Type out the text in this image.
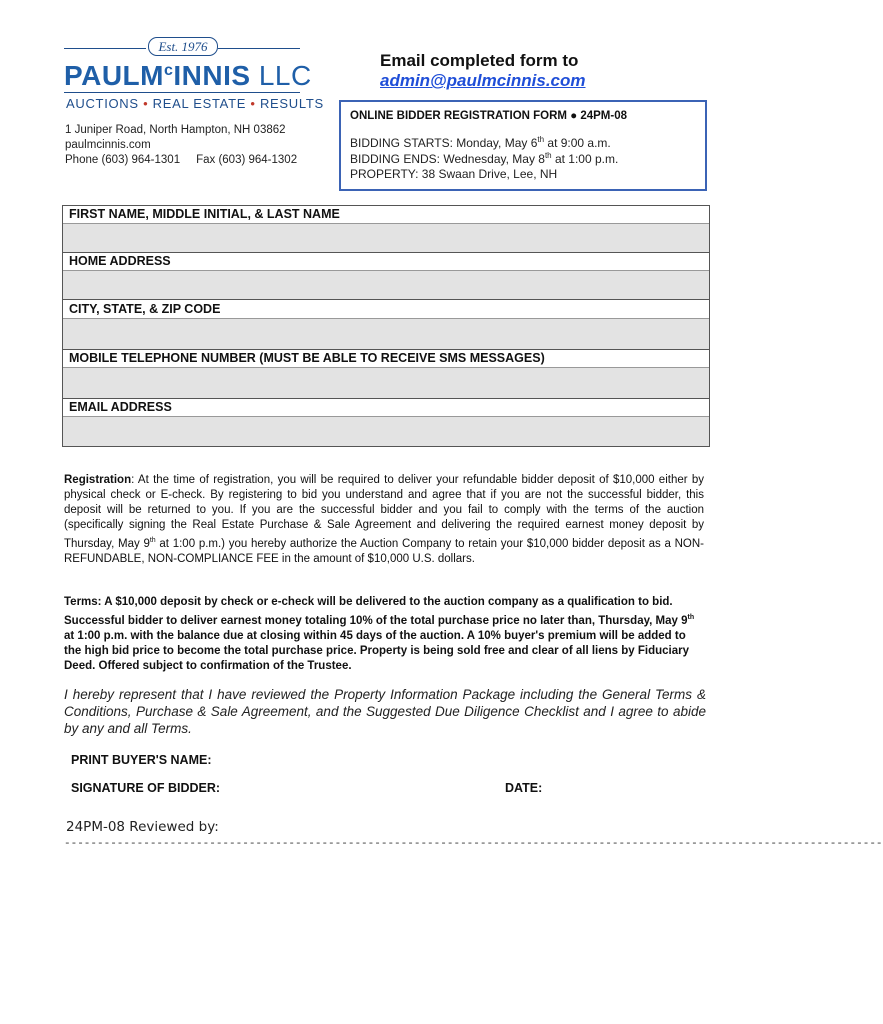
Est. 1976
PAULM$^c$INNIS LLC
AUCTIONS • REAL ESTATE • RESULTS
Email completed form to
admin@paulmcinnis.com
1 Juniper Road, North Hampton, NH 03862
paulmcinnis.com
Phone (603) 964-1301 Fax (603) 964-1302
ONLINE BIDDER REGISTRATION FORM ● 24PM-08
BIDDING STARTS: Monday, May 6th at 9:00 a.m.
BIDDING ENDS: Wednesday, May 8th at 1:00 p.m.
PROPERTY: 38 Swaan Drive, Lee, NH
FIRST NAME, MIDDLE INITIAL, & LAST NAME
HOME ADDRESS
CITY, STATE, & ZIP CODE
MOBILE TELEPHONE NUMBER (MUST BE ABLE TO RECEIVE SMS MESSAGES)
EMAIL ADDRESS
Registration: At the time of registration, you will be required to deliver your refundable bidder deposit of $10,000 either by physical check or E-check. By registering to bid you understand and agree that if you are not the successful bidder, this deposit will be returned to you. If you are the successful bidder and you fail to comply with the terms of the auction (specifically signing the Real Estate Purchase & Sale Agreement and delivering the required earnest money deposit by Thursday, May 9th at 1:00 p.m.) you hereby authorize the Auction Company to retain your $10,000 bidder deposit as a NON-REFUNDABLE, NON-COMPLIANCE FEE in the amount of $10,000 U.S. dollars.
Terms: A $10,000 deposit by check or e-check will be delivered to the auction company as a qualification to bid. Successful bidder to deliver earnest money totaling 10% of the total purchase price no later than, Thursday, May 9th at 1:00 p.m. with the balance due at closing within 45 days of the auction. A 10% buyer's premium will be added to the high bid price to become the total purchase price. Property is being sold free and clear of all liens by Fiduciary Deed. Offered subject to confirmation of the Trustee.
I hereby represent that I have reviewed the Property Information Package including the General Terms & Conditions, Purchase & Sale Agreement, and the Suggested Due Diligence Checklist and I agree to abide by any and all Terms.
PRINT BUYER'S NAME:
SIGNATURE OF BIDDER:	DATE:
24PM-08 Reviewed by:
----------------------------------------------------------------------------------------------------------------------------
